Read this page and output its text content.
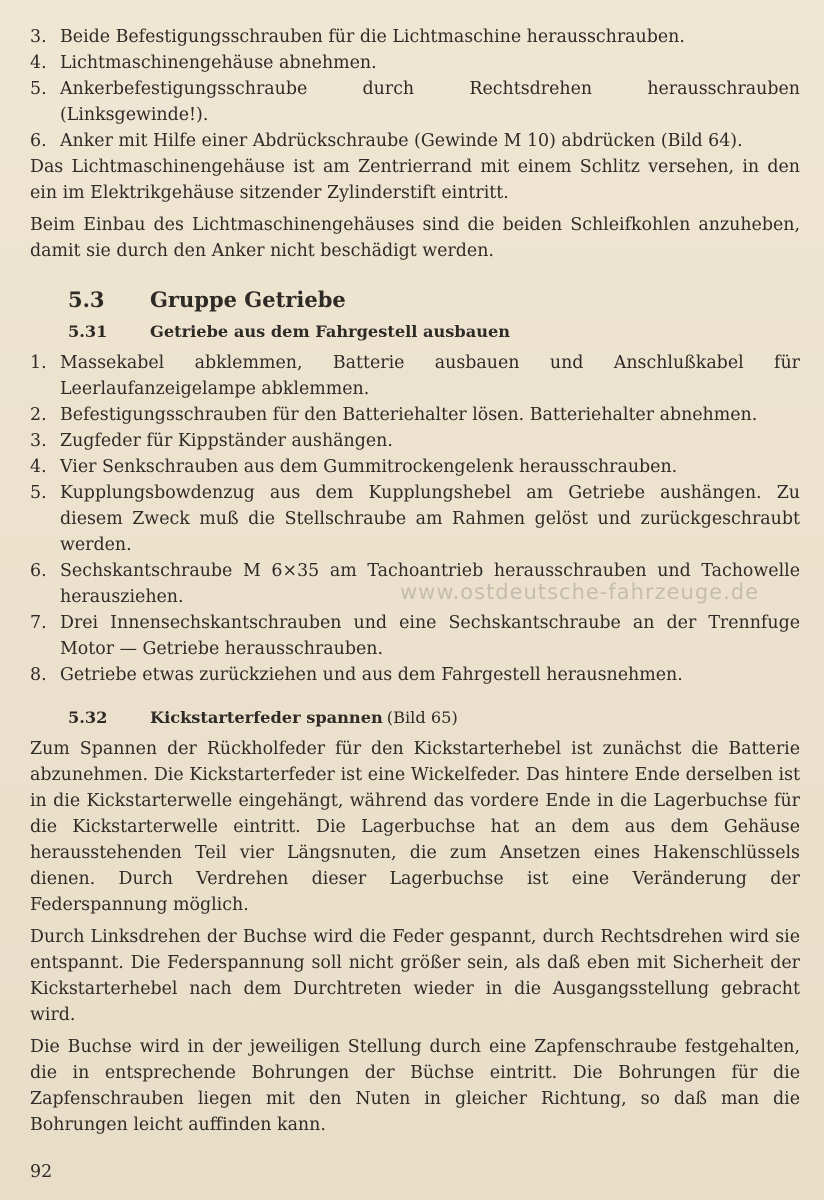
3. Beide Befestigungsschrauben für die Lichtmaschine herausschrauben.
4. Lichtmaschinengehäuse abnehmen.
5. Ankerbefestigungsschraube durch Rechtsdrehen herausschrauben (Linksgewinde!).
6. Anker mit Hilfe einer Abdrückschraube (Gewinde M 10) abdrücken (Bild 64).

Das Lichtmaschinengehäuse ist am Zentrierrand mit einem Schlitz versehen, in den ein im Elektrikgehäuse sitzender Zylinderstift eintritt.

Beim Einbau des Lichtmaschinengehäuses sind die beiden Schleifkohlen anzuheben, damit sie durch den Anker nicht beschädigt werden.

5.3	Gruppe Getriebe
5.31	Getriebe aus dem Fahrgestell ausbauen
1. Massekabel abklemmen, Batterie ausbauen und Anschlußkabel für Leerlaufanzeigelampe abklemmen.
2. Befestigungsschrauben für den Batteriehalter lösen. Batteriehalter abnehmen.
3. Zugfeder für Kippständer aushängen.
4. Vier Senkschrauben aus dem Gummitrockengelenk herausschrauben.
5. Kupplungsbowdenzug aus dem Kupplungshebel am Getriebe aushängen. Zu diesem Zweck muß die Stellschraube am Rahmen gelöst und zurückgeschraubt werden.
6. Sechskantschraube M 6×35 am Tachoantrieb herausschrauben und Tachowelle herausziehen.
7. Drei Innensechskantschrauben und eine Sechskantschraube an der Trennfuge Motor — Getriebe herausschrauben.
8. Getriebe etwas zurückziehen und aus dem Fahrgestell herausnehmen.
5.32	Kickstarterfeder spannen (Bild 65)

Zum Spannen der Rückholfeder für den Kickstarterhebel ist zunächst die Batterie abzunehmen. Die Kickstarterfeder ist eine Wickelfeder. Das hintere Ende derselben ist in die Kickstarterwelle eingehängt, während das vordere Ende in die Lagerbuchse für die Kickstarterwelle eintritt. Die Lagerbuchse hat an dem aus dem Gehäuse herausstehenden Teil vier Längsnuten, die zum Ansetzen eines Hakenschlüssels dienen. Durch Verdrehen dieser Lagerbuchse ist eine Veränderung der Federspannung möglich.

Durch Linksdrehen der Buchse wird die Feder gespannt, durch Rechtsdrehen wird sie entspannt. Die Federspannung soll nicht größer sein, als daß eben mit Sicherheit der Kickstarterhebel nach dem Durchtreten wieder in die Ausgangsstellung gebracht wird.

Die Buchse wird in der jeweiligen Stellung durch eine Zapfenschraube festgehalten, die in entsprechende Bohrungen der Büchse eintritt. Die Bohrungen für die Zapfenschrauben liegen mit den Nuten in gleicher Richtung, so daß man die Bohrungen leicht auffinden kann.

www.ostdeutsche-fahrzeuge.de
92
